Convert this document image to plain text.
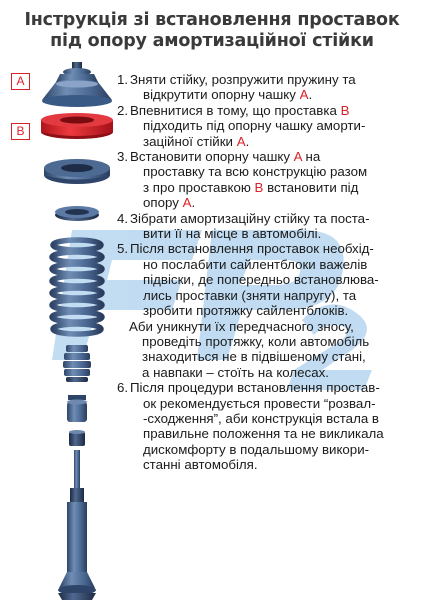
Інструкція зі встановлення проставок
під опору амортизаційної стійки
A
B
1. Зняти стійку, розпружити пружину та
відкрутити опорну чашку A.
2. Впевнитися в тому, що проставка B
підходить під опорну чашку аморти-
заційної стійки A.
3. Встановити опорну чашку A на
проставку та всю конструкцію разом
з про проставкою B встановити під
опору A.
4. Зібрати амортизаційну стійку та поста-
вити її на місце в автомобілі.
5. Після встановлення проставок необхід-
но послабити сайлентблоки важелів
підвіски, де попередньо встановлюва-
лись проставки (зняти напругу), та
зробити протяжку сайлентблоків.
Аби уникнути їх передчасного зносу,
проведіть протяжку, коли автомобіль
знаходиться не в підвішеному стані,
а навпаки – стоїть на колесах.
6. Після процедури встановлення простав-
ок рекомендується провести “розвал-
-сходження”, аби конструкція встала в
правильне положення та не викликала
дискомфорту в подальшому викори-
станні автомобіля.
